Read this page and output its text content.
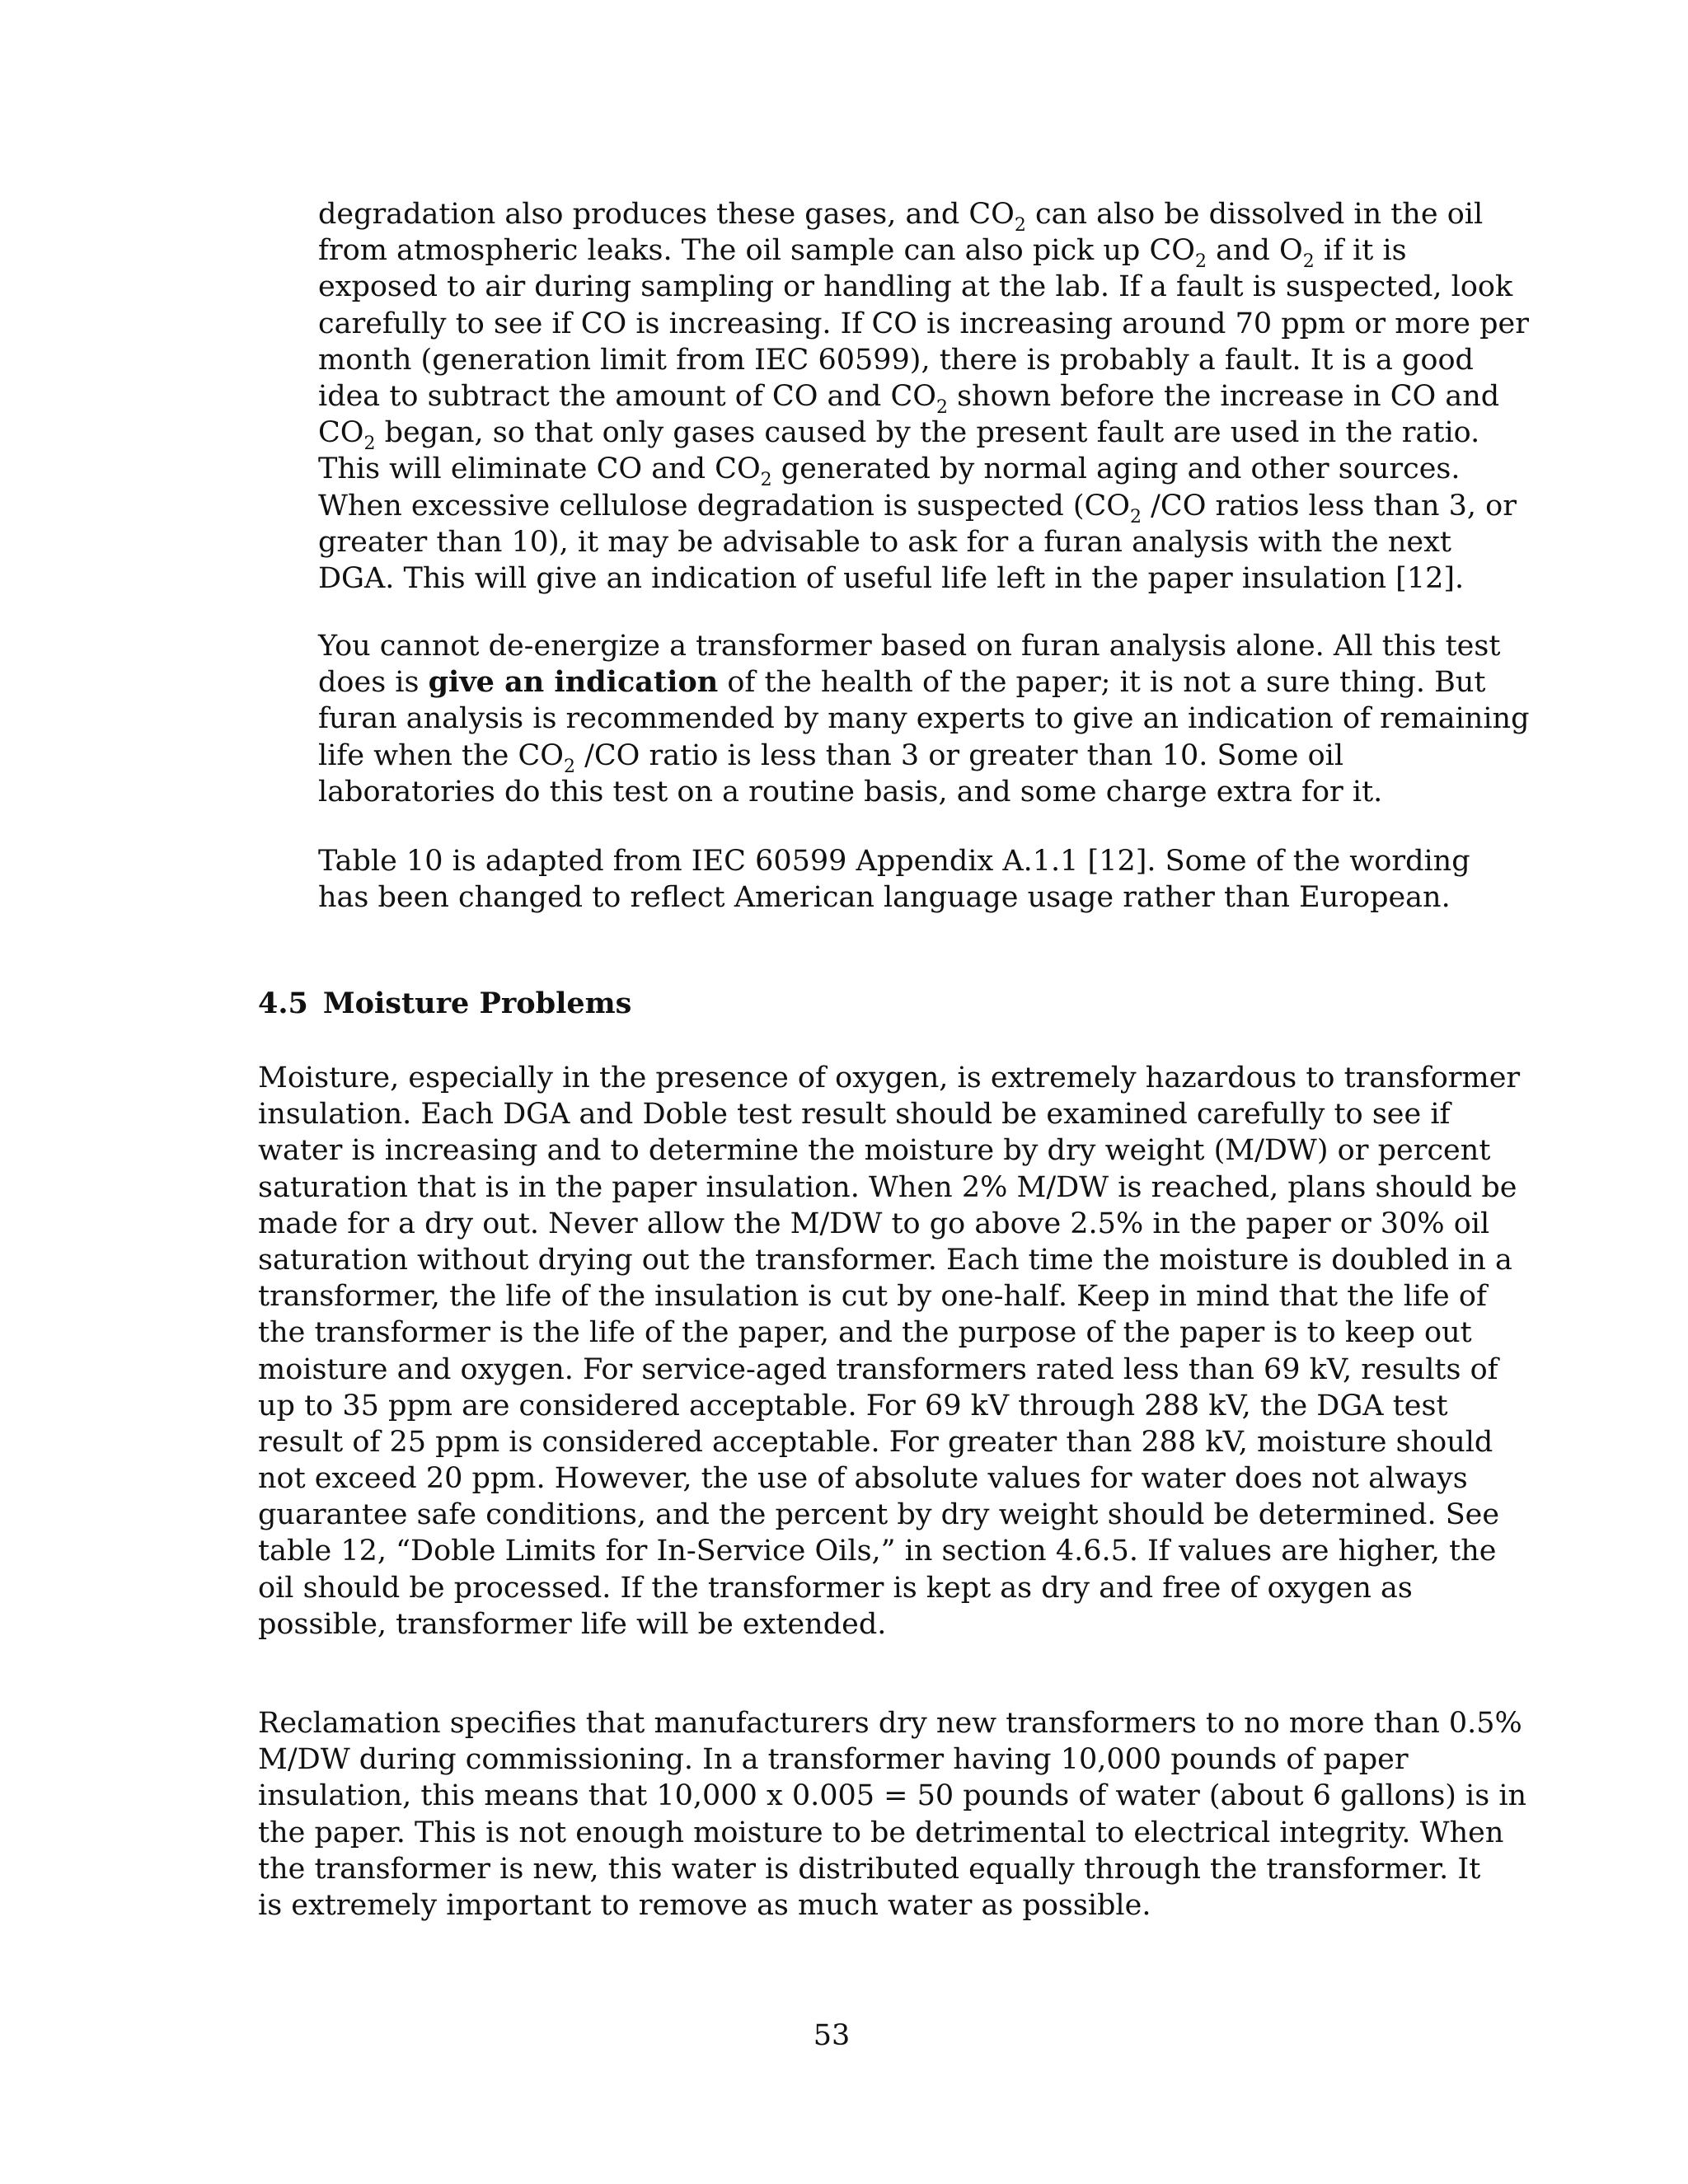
degradation also produces these gases, and $CO_2$ can also be dissolved in the oil
from atmospheric leaks. The oil sample can also pick up $CO_2$ and $O_2$ if it is
exposed to air during sampling or handling at the lab. If a fault is suspected, look
carefully to see if CO is increasing. If CO is increasing around 70 ppm or more per
month (generation limit from IEC 60599), there is probably a fault. It is a good
idea to subtract the amount of CO and $CO_2$ shown before the increase in CO and
$CO_2$ began, so that only gases caused by the present fault are used in the ratio.
This will eliminate CO and $CO_2$ generated by normal aging and other sources.
When excessive cellulose degradation is suspected ($CO_2$ /CO ratios less than 3, or
greater than 10), it may be advisable to ask for a furan analysis with the next
DGA. This will give an indication of useful life left in the paper insulation [12].

You cannot de-energize a transformer based on furan analysis alone. All this test
does is give an indication of the health of the paper; it is not a sure thing. But
furan analysis is recommended by many experts to give an indication of remaining
life when the $CO_2$ /CO ratio is less than 3 or greater than 10. Some oil
laboratories do this test on a routine basis, and some charge extra for it.

Table 10 is adapted from IEC 60599 Appendix A.1.1 [12]. Some of the wording
has been changed to reflect American language usage rather than European.

4.5 Moisture Problems

Moisture, especially in the presence of oxygen, is extremely hazardous to transformer
insulation. Each DGA and Doble test result should be examined carefully to see if
water is increasing and to determine the moisture by dry weight (M/DW) or percent
saturation that is in the paper insulation. When 2% M/DW is reached, plans should be
made for a dry out. Never allow the M/DW to go above 2.5% in the paper or 30% oil
saturation without drying out the transformer. Each time the moisture is doubled in a
transformer, the life of the insulation is cut by one-half. Keep in mind that the life of
the transformer is the life of the paper, and the purpose of the paper is to keep out
moisture and oxygen. For service-aged transformers rated less than 69 kV, results of
up to 35 ppm are considered acceptable. For 69 kV through 288 kV, the DGA test
result of 25 ppm is considered acceptable. For greater than 288 kV, moisture should
not exceed 20 ppm. However, the use of absolute values for water does not always
guarantee safe conditions, and the percent by dry weight should be determined. See
table 12, “Doble Limits for In-Service Oils,” in section 4.6.5. If values are higher, the
oil should be processed. If the transformer is kept as dry and free of oxygen as
possible, transformer life will be extended.

Reclamation specifies that manufacturers dry new transformers to no more than 0.5%
M/DW during commissioning. In a transformer having 10,000 pounds of paper
insulation, this means that 10,000 x 0.005 = 50 pounds of water (about 6 gallons) is in
the paper. This is not enough moisture to be detrimental to electrical integrity. When
the transformer is new, this water is distributed equally through the transformer. It
is extremely important to remove as much water as possible.

53
